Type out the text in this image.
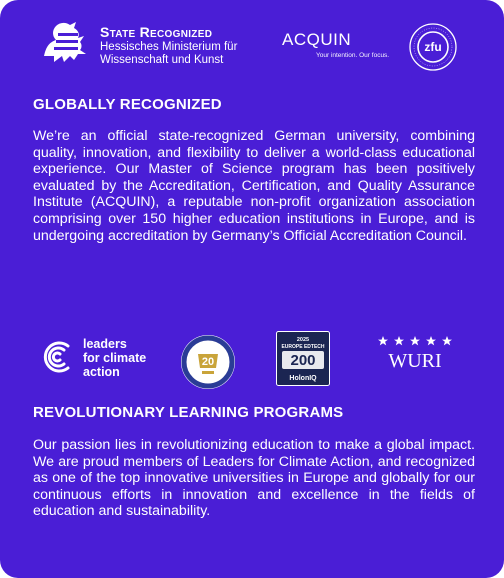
State Recognized
Hessisches Ministerium für
Wissenschaft und Kunst
ACQUIN
Your intention. Our focus.
zfu
GLOBALLY RECOGNIZED
We’re an official state-recognized German university, combining quality, innovation, and flexibility to deliver a world-class educational experience. Our Master of Science program has been positively evaluated by the Accreditation, Certification, and Quality Assurance Institute (ACQUIN), a reputable non-profit organization association comprising over 150 higher education institutions in Europe, and is undergoing accreditation by Germany’s Official Accreditation Council.
leaders
for climate
action
20
2025
EUROPE EDTECH
200
HolonIQ
WURI
REVOLUTIONARY LEARNING PROGRAMS
Our passion lies in revolutionizing education to make a global impact. We are proud members of Leaders for Climate Action, and recognized as one of the top innovative universities in Europe and globally for our continuous efforts in innovation and excellence in the fields of education and sustainability.
